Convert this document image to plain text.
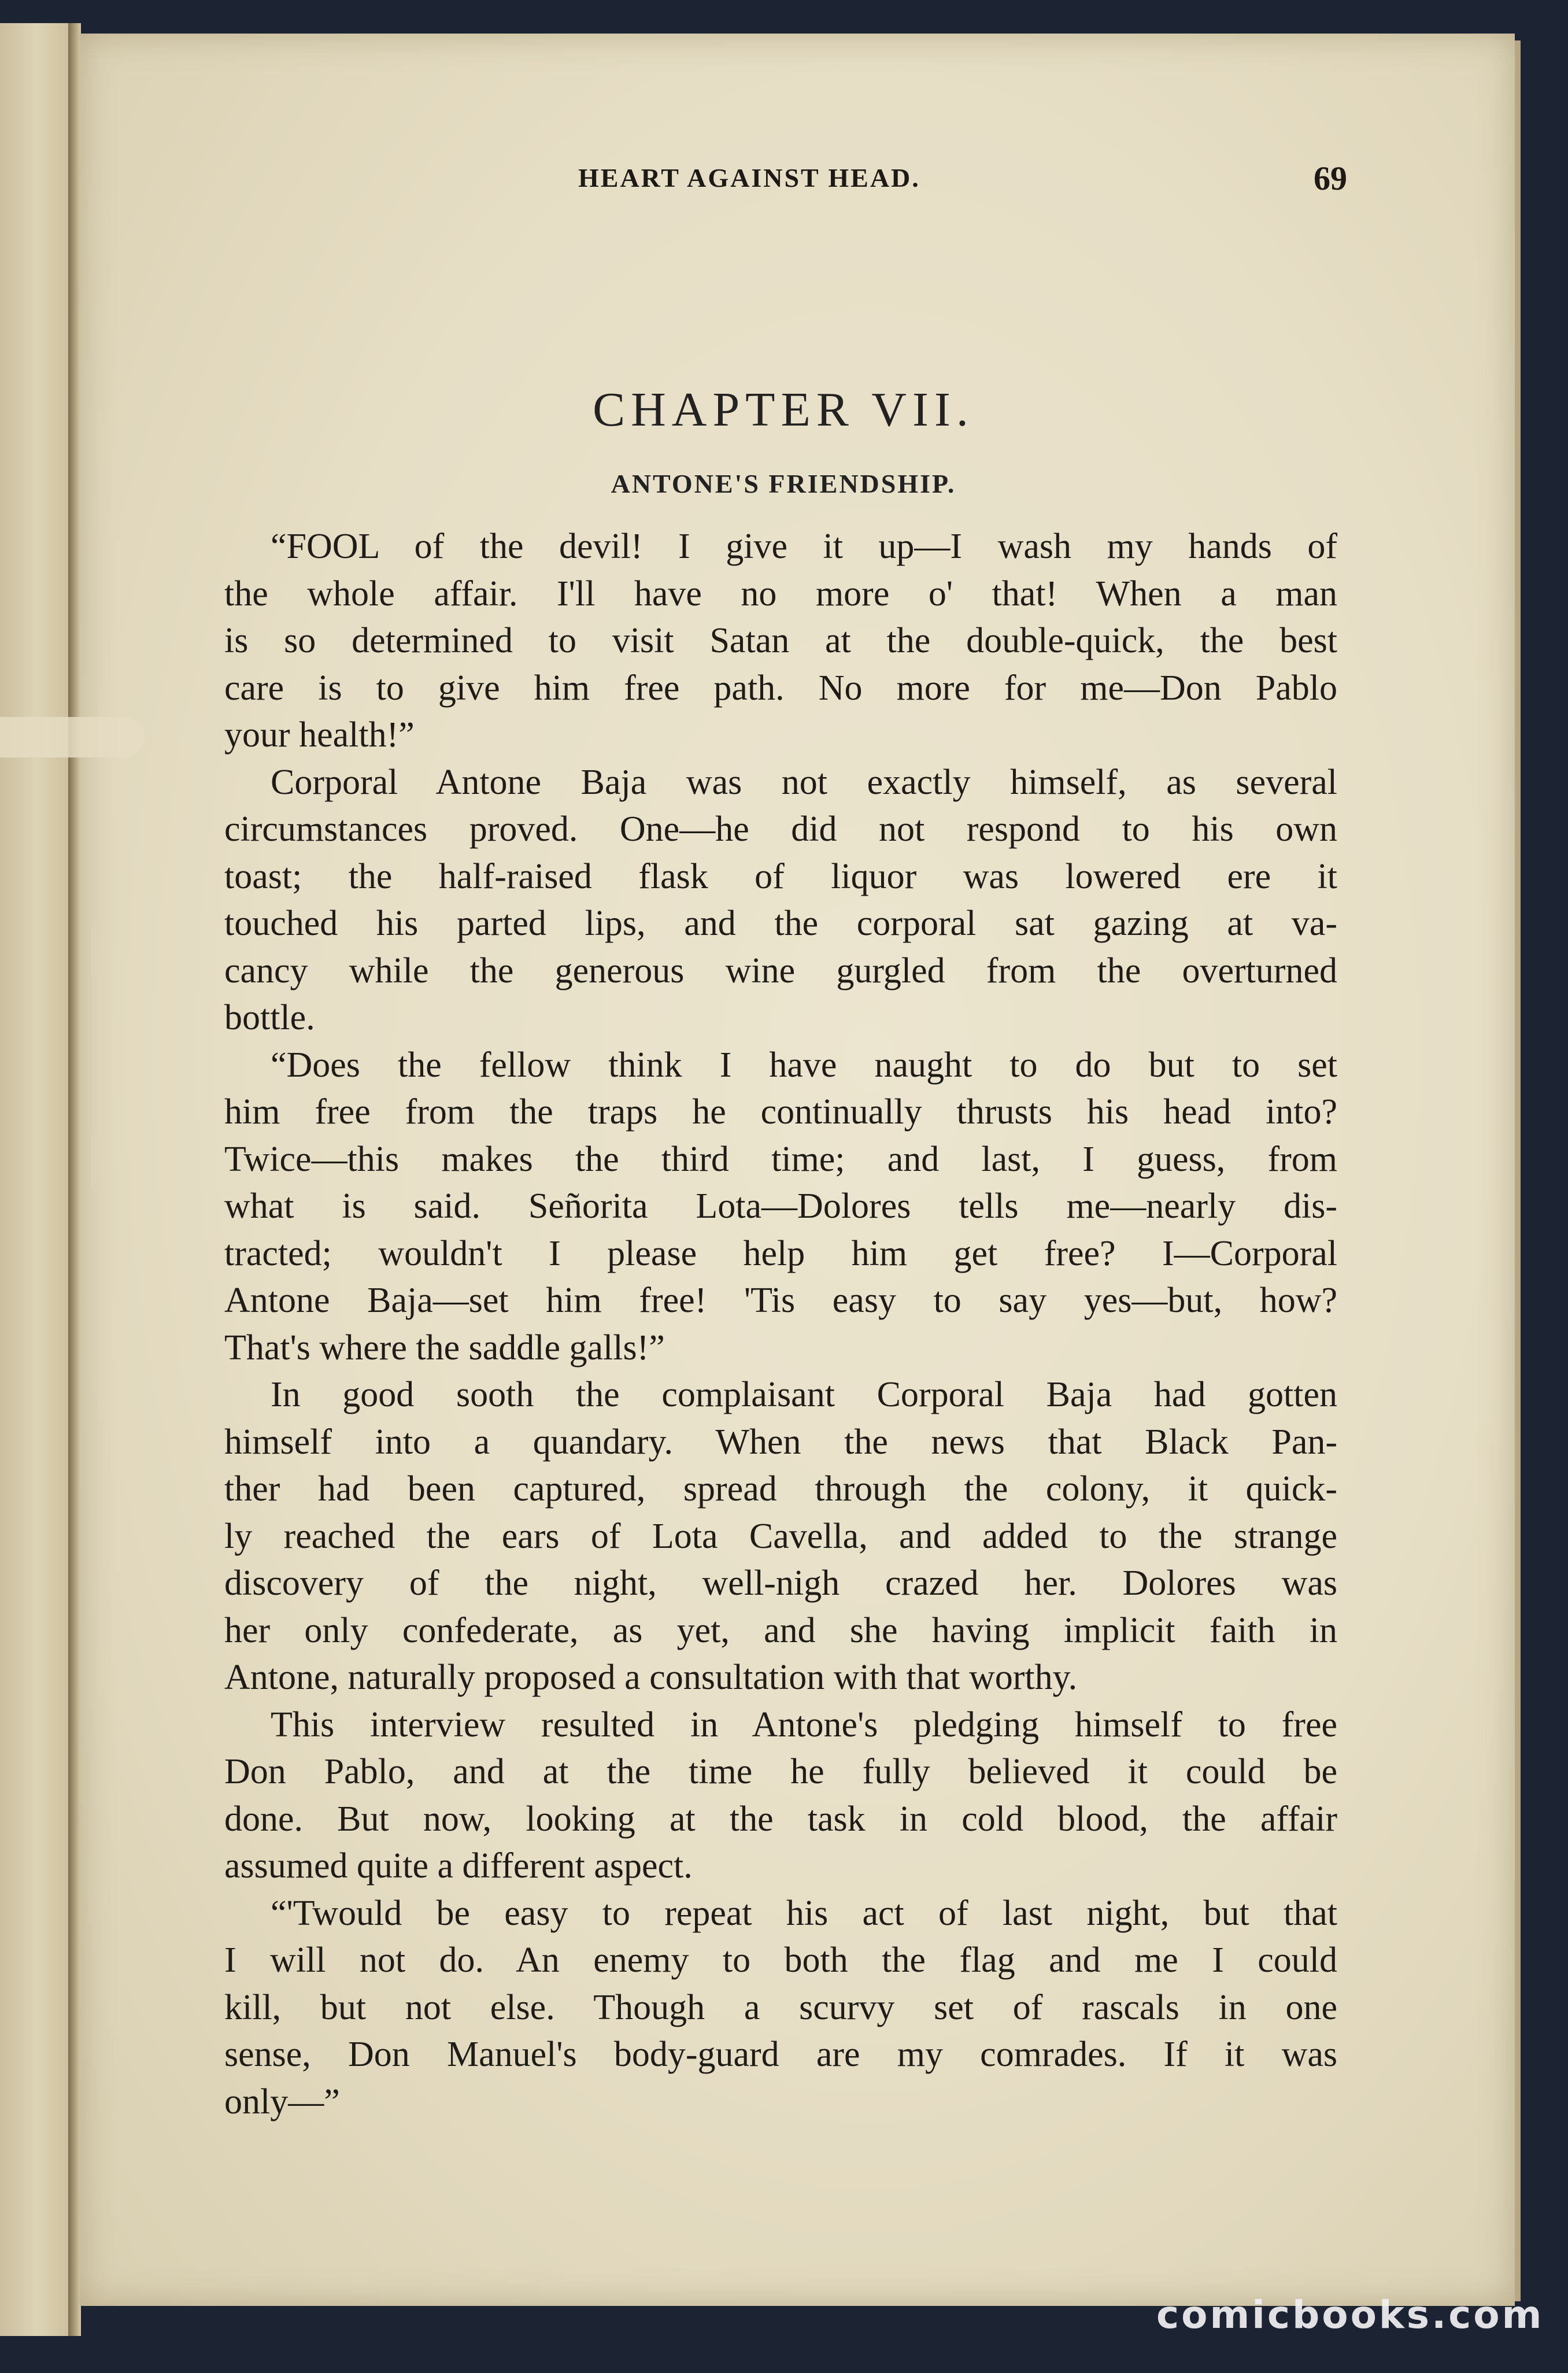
HEART AGAINST HEAD.	69
CHAPTER VII.
ANTONE'S FRIENDSHIP.
“FOOL of the devil! I give it up—I wash my hands of
the whole affair. I'll have no more o' that! When a man
is so determined to visit Satan at the double-quick, the best
care is to give him free path. No more for me—Don Pablo
your health!”
Corporal Antone Baja was not exactly himself, as several
circumstances proved. One—he did not respond to his own
toast; the half-raised flask of liquor was lowered ere it
touched his parted lips, and the corporal sat gazing at va-
cancy while the generous wine gurgled from the overturned
bottle.
“Does the fellow think I have naught to do but to set
him free from the traps he continually thrusts his head into?
Twice—this makes the third time; and last, I guess, from
what is said. Señorita Lota—Dolores tells me—nearly dis-
tracted; wouldn't I please help him get free? I—Corporal
Antone Baja—set him free! 'Tis easy to say yes—but, how?
That's where the saddle galls!”
In good sooth the complaisant Corporal Baja had gotten
himself into a quandary. When the news that Black Pan-
ther had been captured, spread through the colony, it quick-
ly reached the ears of Lota Cavella, and added to the strange
discovery of the night, well-nigh crazed her. Dolores was
her only confederate, as yet, and she having implicit faith in
Antone, naturally proposed a consultation with that worthy.
This interview resulted in Antone's pledging himself to free
Don Pablo, and at the time he fully believed it could be
done. But now, looking at the task in cold blood, the affair
assumed quite a different aspect.
“'Twould be easy to repeat his act of last night, but that
I will not do. An enemy to both the flag and me I could
kill, but not else. Though a scurvy set of rascals in one
sense, Don Manuel's body-guard are my comrades. If it was
only—”
comicbooks.com
